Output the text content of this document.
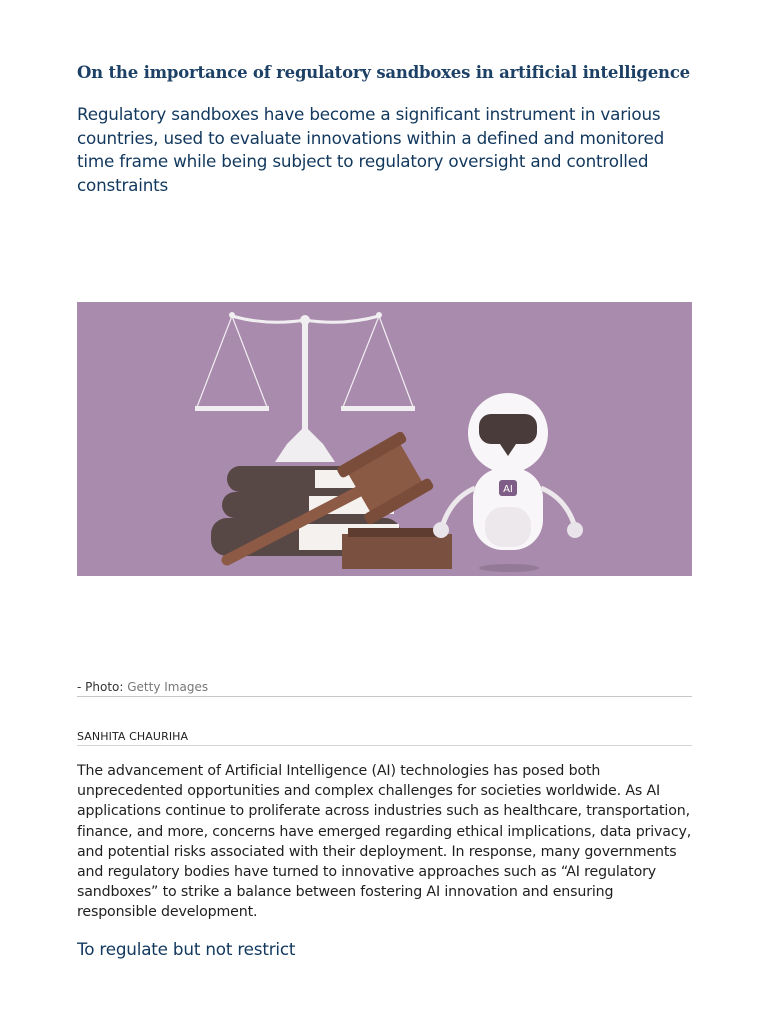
On the importance of regulatory sandboxes in artificial intelligence
Regulatory sandboxes have become a significant instrument in various countries, used to evaluate innovations within a defined and monitored time frame while being subject to regulatory oversight and controlled constraints
AI
- Photo: Getty Images
SANHITA CHAURIHA
The advancement of Artificial Intelligence (AI) technologies has posed both unprecedented opportunities and complex challenges for societies worldwide. As AI applications continue to proliferate across industries such as healthcare, transportation, finance, and more, concerns have emerged regarding ethical implications, data privacy, and potential risks associated with their deployment. In response, many governments and regulatory bodies have turned to innovative approaches such as “AI regulatory sandboxes” to strike a balance between fostering AI innovation and ensuring responsible development.
To regulate but not restrict
